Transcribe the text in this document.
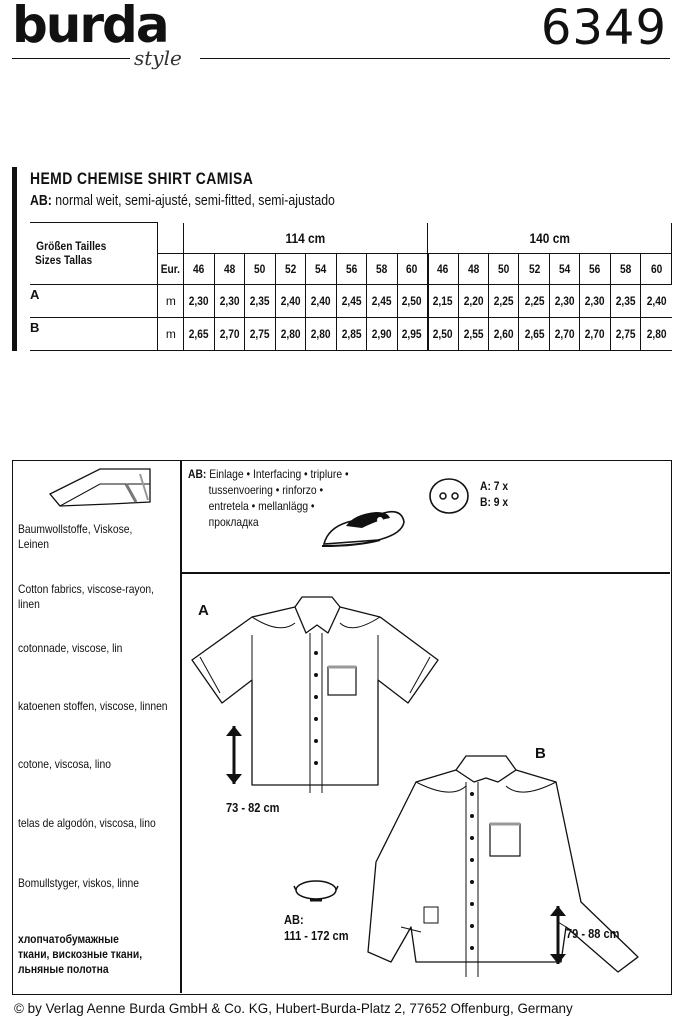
burda
style
6349
HEMD CHEMISE SHIRT CAMISA
AB: normal weit, semi-ajusté, semi-fitted, semi-ajustado
Größen Tailles
Sizes Tallas		114 cm								140 cm							
	Eur.	46	48	50	52	54	56	58	60	46	48	50	52	54	56	58	60
A	m	2,30	2,30	2,35	2,40	2,40	2,45	2,45	2,50	2,15	2,20	2,25	2,25	2,30	2,30	2,35	2,40
B	m	2,65	2,70	2,75	2,80	2,80	2,85	2,90	2,95	2,50	2,55	2,60	2,65	2,70	2,70	2,75	2,80
Baumwollstoffe, Viskose,
Leinen
Cotton fabrics, viscose-rayon,
linen
cotonnade, viscose, lin
katoenen stoffen, viscose, linnen
cotone, viscosa, lino
telas de algodón, viscosa, lino
Bomullstyger, viskos, linne
хлопчатобумажные
ткани, вискозные ткани,
льняные полотна
AB: Einlage • Interfacing • triplure •
tussenvoering • rinforzo •
entretela • mellanlägg •
прокладка
A: 7 x
B: 9 x
A
B
73 - 82 cm
79 - 88 cm
AB:
111 - 172 cm
© by Verlag Aenne Burda GmbH & Co. KG, Hubert-Burda-Platz 2, 77652 Offenburg, Germany
